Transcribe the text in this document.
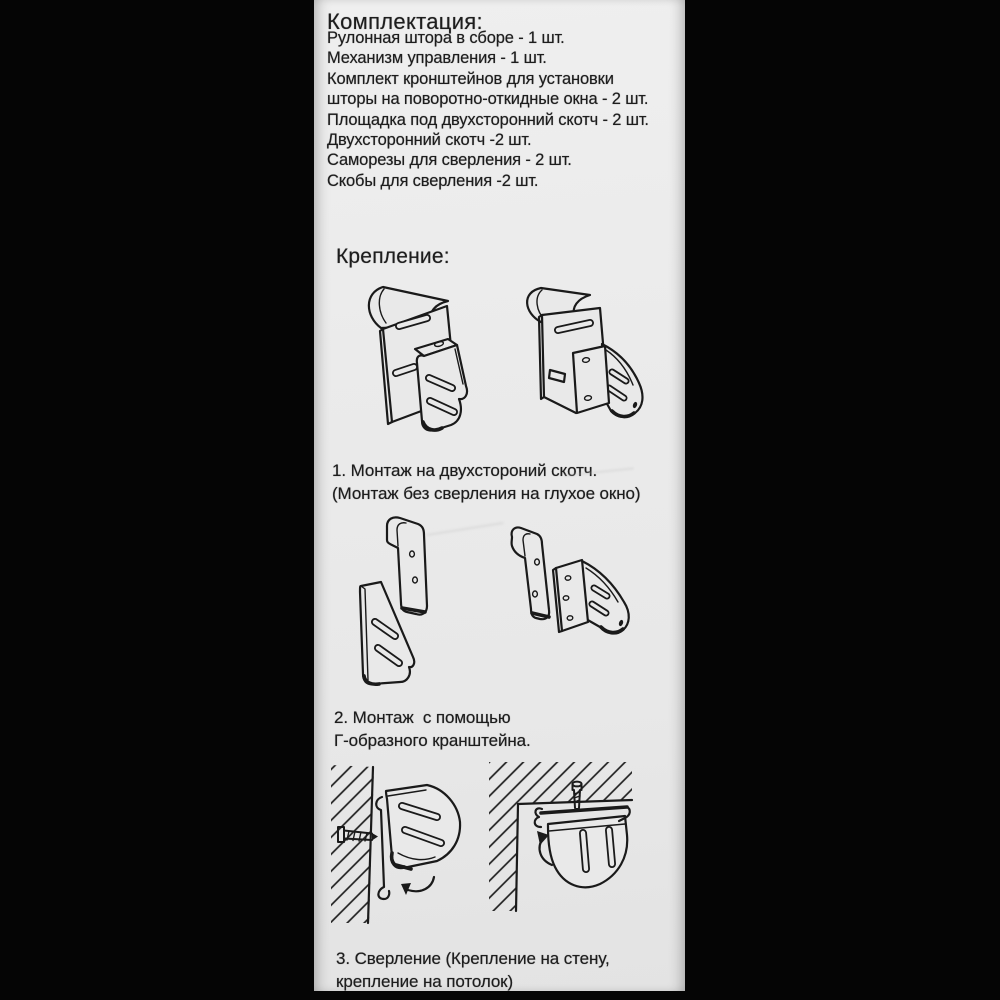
Комплектация:
Рулонная штора в сборе - 1 шт.
Механизм управления - 1 шт.
Комплект кронштейнов для установки
шторы на поворотно-откидные окна - 2 шт.
Площадка под двухсторонний скотч - 2 шт.
Двухсторонний скотч -2 шт.
Саморезы для сверления - 2 шт.
Скобы для сверления -2 шт.
Крепление:
1. Монтаж на двухстороний скотч.
(Монтаж без сверления на глухое окно)
2. Монтаж  с помощью
Г-образного кранштейна.
3. Сверление (Крепление на стену,
крепление на потолок)
